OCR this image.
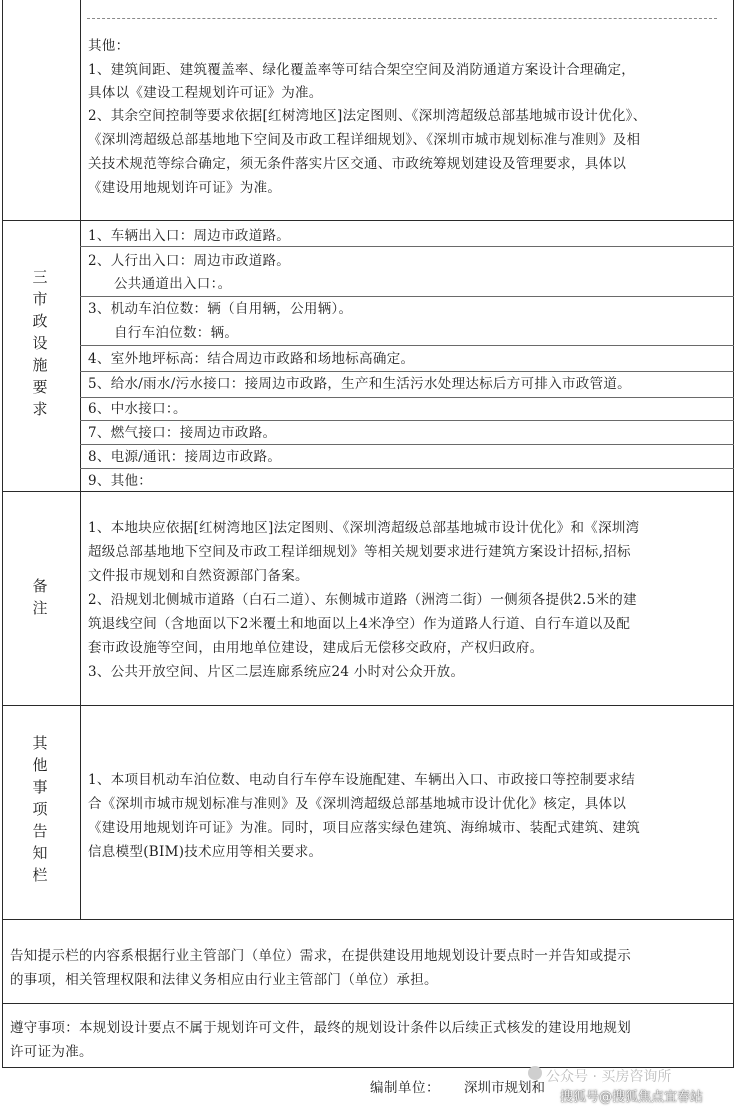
其他：
1、建筑间距、建筑覆盖率、绿化覆盖率等可结合架空空间及消防通道方案设计合理确定，
具体以《建设工程规划许可证》为准。
2、其余空间控制等要求依据[红树湾地区]法定图则、《深圳湾超级总部基地城市设计优化》、
《深圳湾超级总部基地地下空间及市政工程详细规划》、《深圳市城市规划标准与准则》及相
关技术规范等综合确定，须无条件落实片区交通、市政统筹规划建设及管理要求，具体以
《建设用地规划许可证》为准。
三市政设施要求
1、车辆出入口：周边市政道路。
2、人行出入口：周边市政道路。
公共通道出入口：。
3、机动车泊位数：辆（自用辆，公用辆）。
自行车泊位数：辆。
4、室外地坪标高：结合周边市政路和场地标高确定。
5、给水/雨水/污水接口：接周边市政路，生产和生活污水处理达标后方可排入市政管道。
6、中水接口：。
7、燃气接口：接周边市政路。
8、电源/通讯：接周边市政路。
9、其他：
备注
1、本地块应依据[红树湾地区]法定图则、《深圳湾超级总部基地城市设计优化》和《深圳湾
超级总部基地地下空间及市政工程详细规划》等相关规划要求进行建筑方案设计招标,招标
文件报市规划和自然资源部门备案。
2、沿规划北侧城市道路（白石二道）、东侧城市道路（洲湾二街）一侧须各提供2.5米的建
筑退线空间（含地面以下2米覆土和地面以上4米净空）作为道路人行道、自行车道以及配
套市政设施等空间，由用地单位建设，建成后无偿移交政府，产权归政府。
3、公共开放空间、片区二层连廊系统应24 小时对公众开放。
其他事项告知栏
1、本项目机动车泊位数、电动自行车停车设施配建、车辆出入口、市政接口等控制要求结
合《深圳市城市规划标准与准则》及《深圳湾超级总部基地城市设计优化》核定，具体以
《建设用地规划许可证》为准。同时，项目应落实绿色建筑、海绵城市、装配式建筑、建筑
信息模型(BIM)技术应用等相关要求。
告知提示栏的内容系根据行业主管部门（单位）需求，在提供建设用地规划设计要点时一并告知或提示
的事项，相关管理权限和法律义务相应由行业主管部门（单位）承担。
遵守事项：本规划设计要点不属于规划许可文件，最终的规划设计条件以后续正式核发的建设用地规划
许可证为准。
编制单位： 深圳市规划和
公众号 · 买房咨询所
搜狐号@搜狐焦点宜春站
